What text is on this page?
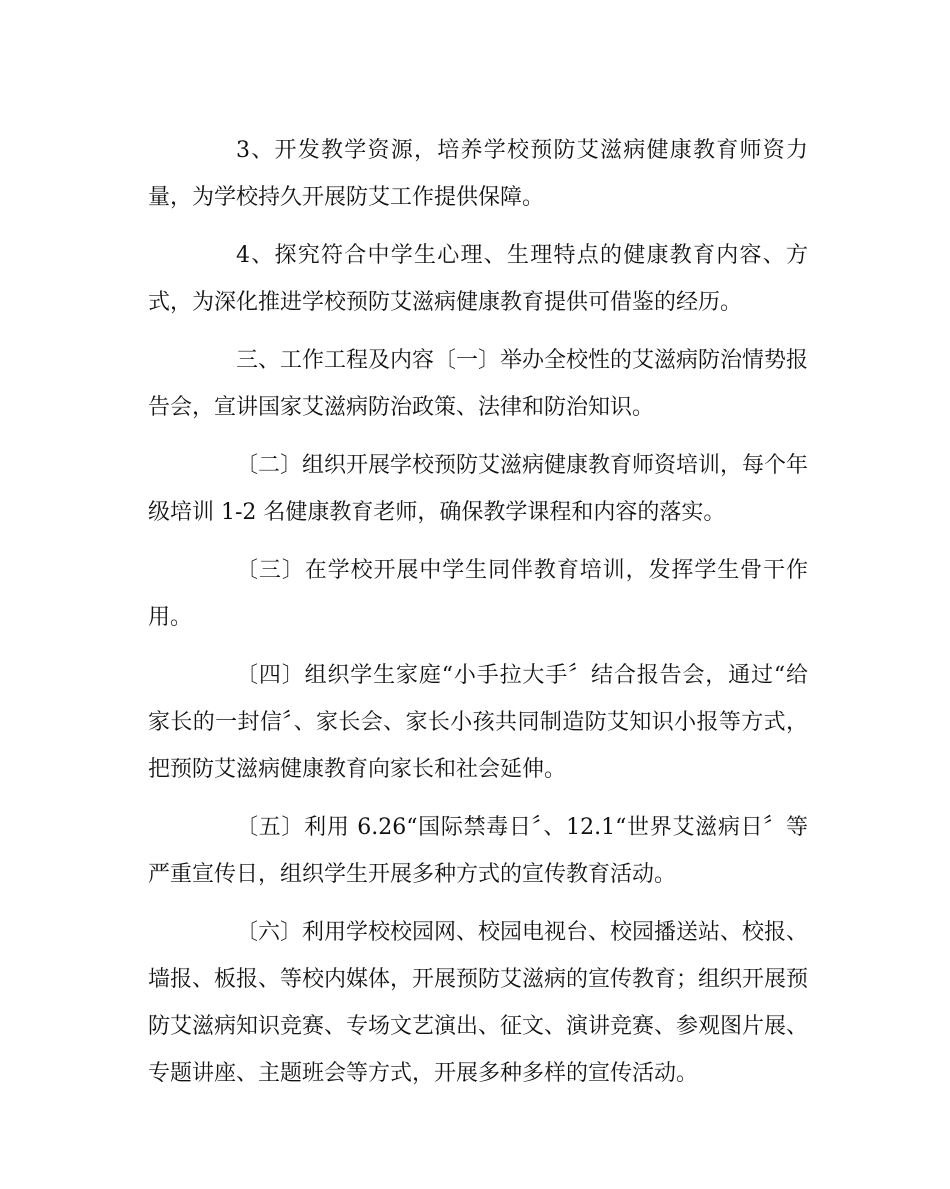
3、开发教学资源，培养学校预防艾滋病健康教育师资力量，为学校持久开展防艾工作提供保障。

4、探究符合中学生心理、生理特点的健康教育内容、方式，为深化推进学校预防艾滋病健康教育提供可借鉴的经历。

三、工作工程及内容〔一〕举办全校性的艾滋病防治情势报告会，宣讲国家艾滋病防治政策、法律和防治知识。

〔二〕组织开展学校预防艾滋病健康教育师资培训，每个年级培训 1-2 名健康教育老师，确保教学课程和内容的落实。

〔三〕在学校开展中学生同伴教育培训，发挥学生骨干作用。

〔四〕组织学生家庭“小手拉大手〞结合报告会，通过“给家长的一封信〞、家长会、家长小孩共同制造防艾知识小报等方式，把预防艾滋病健康教育向家长和社会延伸。

〔五〕利用 6.26“国际禁毒日〞、12.1“世界艾滋病日〞等严重宣传日，组织学生开展多种方式的宣传教育活动。

〔六〕利用学校校园网、校园电视台、校园播送站、校报、墙报、板报、等校内媒体，开展预防艾滋病的宣传教育；组织开展预防艾滋病知识竞赛、专场文艺演出、征文、演讲竞赛、参观图片展、专题讲座、主题班会等方式，开展多种多样的宣传活动。
